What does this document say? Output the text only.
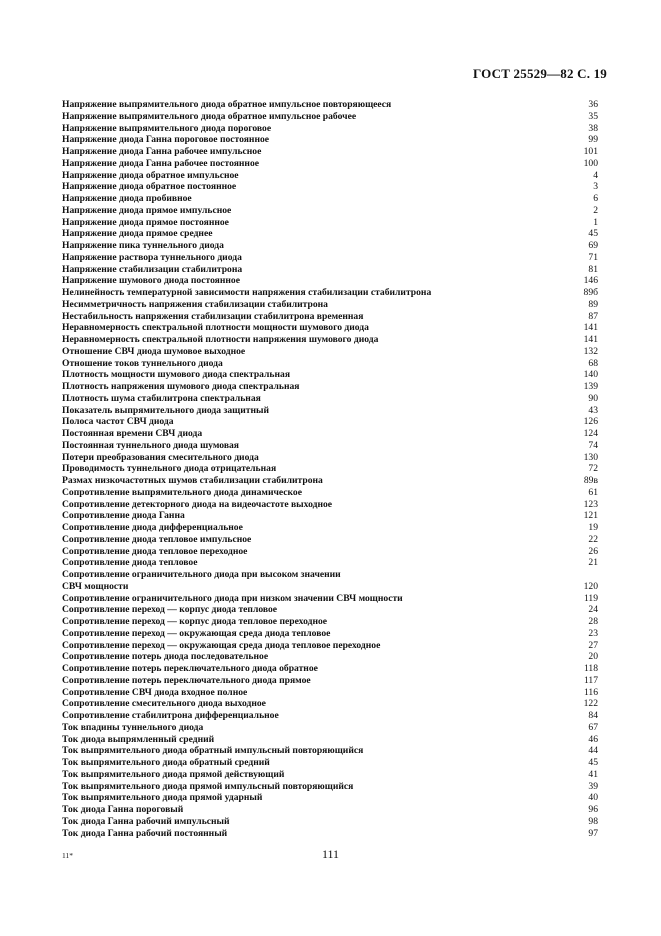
ГОСТ 25529—82 С. 19
Напряжение выпрямительного диода обратное импульсное повторяющееся	36
Напряжение выпрямительного диода обратное импульсное рабочее	35
Напряжение выпрямительного диода пороговое	38
Напряжение диода Ганна пороговое постоянное	99
Напряжение диода Ганна рабочее импульсное	101
Напряжение диода Ганна рабочее постоянное	100
Напряжение диода обратное импульсное	4
Напряжение диода обратное постоянное	3
Напряжение диода пробивное	6
Напряжение диода прямое импульсное	2
Напряжение диода прямое постоянное	1
Напряжение диода прямое среднее	45
Напряжение пика туннельного диода	69
Напряжение раствора туннельного диода	71
Напряжение стабилизации стабилитрона	81
Напряжение шумового диода постоянное	146
Нелинейность температурной зависимости напряжения стабилизации стабилитрона	89б
Несимметричность напряжения стабилизации стабилитрона	89
Нестабильность напряжения стабилизации стабилитрона временная	87
Неравномерность спектральной плотности мощности шумового диода	141
Неравномерность спектральной плотности напряжения шумового диода	141
Отношение СВЧ диода шумовое выходное	132
Отношение токов туннельного диода	68
Плотность мощности шумового диода спектральная	140
Плотность напряжения шумового диода спектральная	139
Плотность шума стабилитрона спектральная	90
Показатель выпрямительного диода защитный	43
Полоса частот СВЧ диода	126
Постоянная времени СВЧ диода	124
Постоянная туннельного диода шумовая	74
Потери преобразования смесительного диода	130
Проводимость туннельного диода отрицательная	72
Размах низкочастотных шумов стабилизации стабилитрона	89в
Сопротивление выпрямительного диода динамическое	61
Сопротивление детекторного диода на видеочастоте выходное	123
Сопротивление диода Ганна	121
Сопротивление диода дифференциальное	19
Сопротивление диода тепловое импульсное	22
Сопротивление диода тепловое переходное	26
Сопротивление диода тепловое	21
Сопротивление ограничительного диода при высоком значении
СВЧ мощности	120
Сопротивление ограничительного диода при низком значении СВЧ мощности	119
Сопротивление переход — корпус диода тепловое	24
Сопротивление переход — корпус диода тепловое переходное	28
Сопротивление переход — окружающая среда диода тепловое	23
Сопротивление переход — окружающая среда диода тепловое переходное	27
Сопротивление потерь диода последовательное	20
Сопротивление потерь переключательного диода обратное	118
Сопротивление потерь переключательного диода прямое	117
Сопротивление СВЧ диода входное полное	116
Сопротивление смесительного диода выходное	122
Сопротивление стабилитрона дифференциальное	84
Ток впадины туннельного диода	67
Ток диода выпрямленный средний	46
Ток выпрямительного диода обратный импульсный повторяющийся	44
Ток выпрямительного диода обратный средний	45
Ток выпрямительного диода прямой действующий	41
Ток выпрямительного диода прямой импульсный повторяющийся	39
Ток выпрямительного диода прямой ударный	40
Ток диода Ганна пороговый	96
Ток диода Ганна рабочий импульсный	98
Ток диода Ганна рабочий постоянный	97
11*	111
